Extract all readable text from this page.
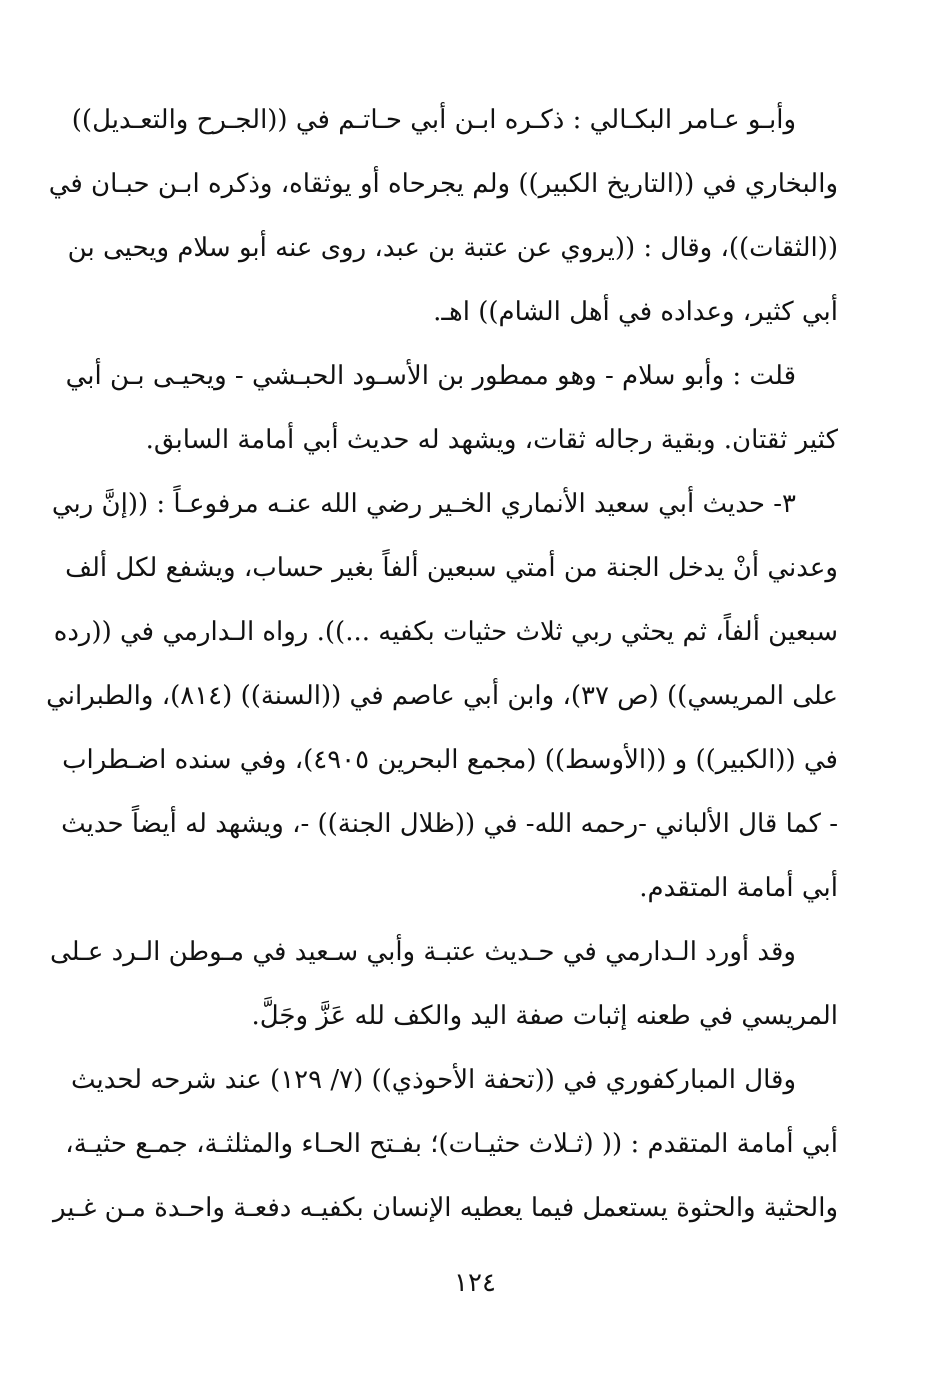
وأبـو عـامر البكـالي : ذكـره ابـن أبي حـاتـم في ((الجـرح والتعـديل))
والبخاري في ((التاريخ الكبير)) ولم يجرحاه أو يوثقاه، وذكره ابـن حبـان في
((الثقات))، وقال : ((يروي عن عتبة بن عبد، روى عنه أبو سلام ويحيى بن
أبي كثير، وعداده في أهل الشام)) اهـ.
قلت : وأبو سلام - وهو ممطور بن الأسـود الحبـشي - ويحيـى بـن أبي
كثير ثقتان. وبقية رجاله ثقات، ويشهد له حديث أبي أمامة السابق.
٣- حديث أبي سعيد الأنماري الخـير رضي الله عنـه مرفوعـاً : ((إنَّ ربي
وعدني أنْ يدخل الجنة من أمتي سبعين ألفاً بغير حساب، ويشفع لكل ألف
سبعين ألفاً، ثم يحثي ربي ثلاث حثيات بكفيه ...)). رواه الـدارمي في ((رده
على المريسي)) (ص ٣٧)، وابن أبي عاصم في ((السنة)) (٨١٤)، والطبراني
في ((الكبير)) و ((الأوسط)) (مجمع البحرين ٤٩٠٥)، وفي سنده اضـطراب
- كما قال الألباني -رحمه الله- في ((ظلال الجنة)) -، ويشهد له أيضاً حديث
أبي أمامة المتقدم.
وقد أورد الـدارمي في حـديث عتبـة وأبي سـعيد في مـوطن الـرد عـلى
المريسي في طعنه إثبات صفة اليد والكف لله عَزَّ وجَلَّ.
وقال المباركفوري في ((تحفة الأحوذي)) (٧/ ١٢٩) عند شرحه لحديث
أبي أمامة المتقدم : (( (ثـلاث حثيـات)؛ بفـتح الحـاء والمثلثـة، جمـع حثيـة،
والحثية والحثوة يستعمل فيما يعطيه الإنسان بكفيـه دفعـة واحـدة مـن غـير
١٢٤
